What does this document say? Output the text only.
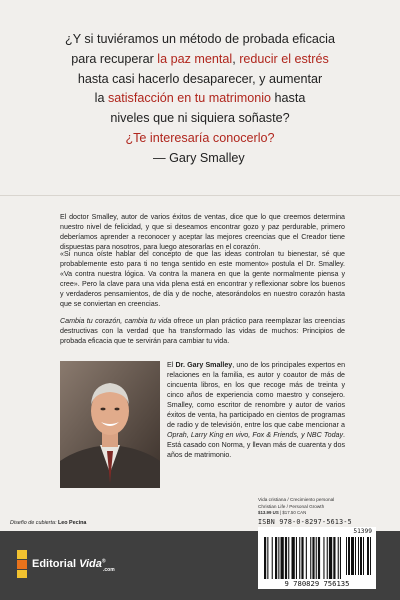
¿Y si tuviéramos un método de probada eficacia
para recuperar la paz mental, reducir el estrés
hasta casi hacerlo desaparecer, y aumentar
la satisfacción en tu matrimonio hasta
niveles que ni siquiera soñaste?
¿Te interesaría conocerlo?
— Gary Smalley

El doctor Smalley, autor de varios éxitos de ventas, dice que lo que creemos determina nuestro nivel de felicidad, y que si deseamos encontrar gozo y paz perdurable, primero deberíamos aprender a reconocer y aceptar las mejores creencias que el Creador tiene dispuestas para nosotros, para luego atesorarlas en el corazón.

«Si nunca oíste hablar del concepto de que las ideas controlan tu bienestar, sé que probablemente esto para ti no tenga sentido en este momento» postula el Dr. Smalley. «Va contra nuestra lógica. Va contra la manera en que la gente normalmente piensa y cree». Pero la clave para una vida plena está en encontrar y reflexionar sobre los buenos y verdaderos pensamientos, de día y de noche, atesorándolos en nuestro corazón hasta que se conviertan en creencias.

Cambia tu corazón, cambia tu vida ofrece un plan práctico para reemplazar las creencias destructivas con la verdad que ha transformado las vidas de muchos: Principios de probada eficacia que te servirán para cambiar tu vida.

El Dr. Gary Smalley, uno de los principales expertos en relaciones en la familia, es autor y coautor de más de cincuenta libros, en los que recoge más de treinta y cinco años de experiencia como maestro y consejero. Smalley, como escritor de renombre y autor de varios éxitos de venta, ha participado en cientos de programas de radio y de televisión, entre los que cabe mencionar a Oprah, Larry King en vivo, Fox & Friends, y NBC Today. Está casado con Norma, y llevan más de cuarenta y dos años de matrimonio.
Vida cristiana / Crecimiento personal
Christian Life / Personal Growth
$13.99 US | $17.50 CAN
ISBN 978-0-8297-5613-5
Diseño de cubierta: Leo Pecina
Editorial Vida®
.com
51399
9 780829 756135
